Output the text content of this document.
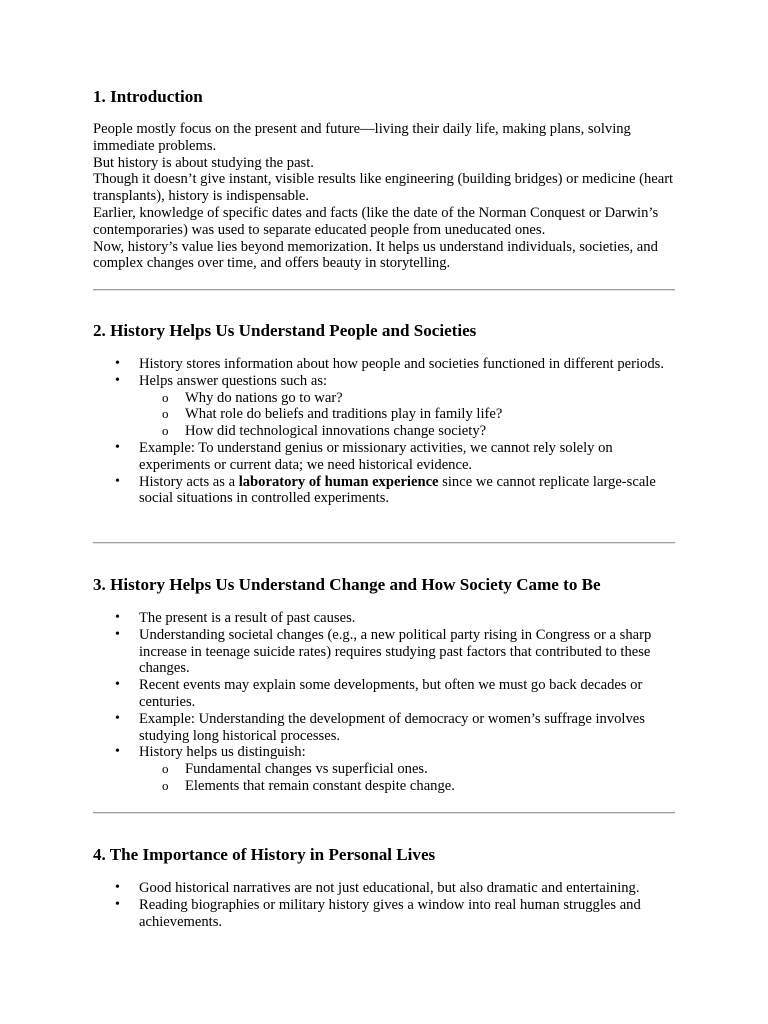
1. Introduction

People mostly focus on the present and future—living their daily life, making plans, solving immediate problems.

But history is about studying the past.

Though it doesn’t give instant, visible results like engineering (building bridges) or medicine (heart transplants), history is indispensable.

Earlier, knowledge of specific dates and facts (like the date of the Norman Conquest or Darwin’s contemporaries) was used to separate educated people from uneducated ones.

Now, history’s value lies beyond memorization. It helps us understand individuals, societies, and complex changes over time, and offers beauty in storytelling.

2. History Helps Us Understand People and Societies
• History stores information about how people and societies functioned in different periods.
• Helps answer questions such as:
o Why do nations go to war?
o What role do beliefs and traditions play in family life?
o How did technological innovations change society?
• Example: To understand genius or missionary activities, we cannot rely solely on experiments or current data; we need historical evidence.
• History acts as a laboratory of human experience since we cannot replicate large-scale social situations in controlled experiments.
3. History Helps Us Understand Change and How Society Came to Be
• The present is a result of past causes.
• Understanding societal changes (e.g., a new political party rising in Congress or a sharp increase in teenage suicide rates) requires studying past factors that contributed to these changes.
• Recent events may explain some developments, but often we must go back decades or centuries.
• Example: Understanding the development of democracy or women’s suffrage involves studying long historical processes.
• History helps us distinguish:
o Fundamental changes vs superficial ones.
o Elements that remain constant despite change.
4. The Importance of History in Personal Lives
• Good historical narratives are not just educational, but also dramatic and entertaining.
• Reading biographies or military history gives a window into real human struggles and achievements.
